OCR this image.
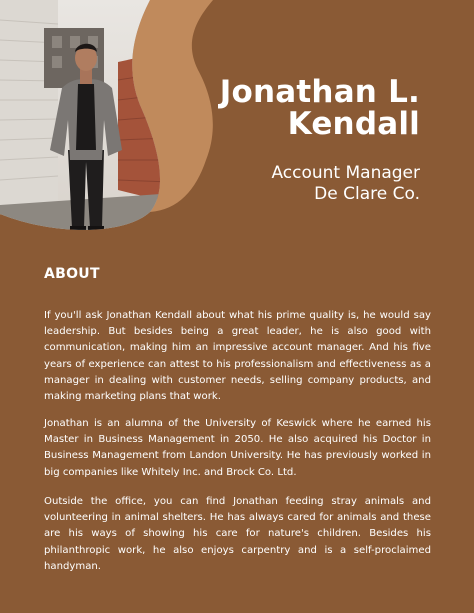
Jonathan L. Kendall
Account Manager
De Clare Co.
ABOUT

If you'll ask Jonathan Kendall about what his prime quality is, he would say leadership. But besides being a great leader, he is also good with communication, making him an impressive account manager. And his five years of experience can attest to his professionalism and effectiveness as a manager in dealing with customer needs, selling company products, and making marketing plans that work.

Jonathan is an alumna of the University of Keswick where he earned his Master in Business Management in 2050. He also acquired his Doctor in Business Management from Landon University. He has previously worked in big companies like Whitely Inc. and Brock Co. Ltd.

Outside the office, you can find Jonathan feeding stray animals and volunteering in animal shelters. He has always cared for animals and these are his ways of showing his care for nature's children. Besides his philanthropic work, he also enjoys carpentry and is a self-proclaimed handyman.
